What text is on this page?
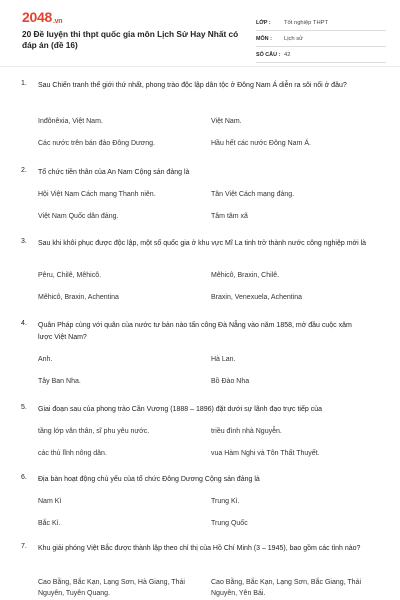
2048.vn
20 Đề luyện thi thpt quốc gia môn Lịch Sử Hay Nhất có đáp án (đề 16)
LỚP :	Tốt nghiệp THPT
MÔN :	Lịch sử
SỐ CÂU : 42
1. Sau Chiến tranh thế giới thứ nhất, phong trào độc lập dân tộc ở Đông Nam Á diễn ra sôi nổi ở đâu?
Inđônêxia, Việt Nam.	Việt Nam.
Các nước trên bán đảo Đông Dương.	Hầu hết các nước Đông Nam Á.
2. Tổ chức tiền thân của An Nam Cộng sản đảng là
Hội Việt Nam Cách mạng Thanh niên.	Tân Việt Cách mạng đảng.
Việt Nam Quốc dân đảng.	Tâm tâm xã
3. Sau khi khôi phục được độc lập, một số quốc gia ở khu vực Mĩ La tinh trở thành nước công nghiệp mới là
Pêru, Chilê, Mêhicô.	Mêhicô, Braxin, Chilê.
Mêhicô, Braxin, Achentina	Braxin, Venexuela, Achentina
4. Quân Pháp cùng với quân của nước tư bản nào tấn công Đà Nẵng vào năm 1858, mở đầu cuộc xâm lược Việt Nam?
Anh.	Hà Lan.
Tây Ban Nha.	Bồ Đào Nha
5. Giai đoạn sau của phong trào Cần Vương (1888 – 1896) đặt dưới sự lãnh đạo trực tiếp của
tầng lớp văn thân, sĩ phu yêu nước.	triều đình nhà Nguyễn.
các thủ lĩnh nông dân.	vua Hàm Nghi và Tôn Thất Thuyết.
6. Địa bàn hoạt động chủ yếu của tổ chức Đông Dương Cộng sản đảng là
Nam Kì	Trung Kì.
Bắc Kì.	Trung Quốc
7. Khu giải phóng Việt Bắc được thành lập theo chỉ thị của Hồ Chí Minh (3 – 1945), bao gồm các tỉnh nào?
Cao Bằng, Bắc Kạn, Lạng Sơn, Hà Giang, Thái Nguyên, Tuyên Quang.
Cao Bằng, Bắc Kạn, Lạng Sơn, Bắc Giang, Thái Nguyên, Yên Bái.
